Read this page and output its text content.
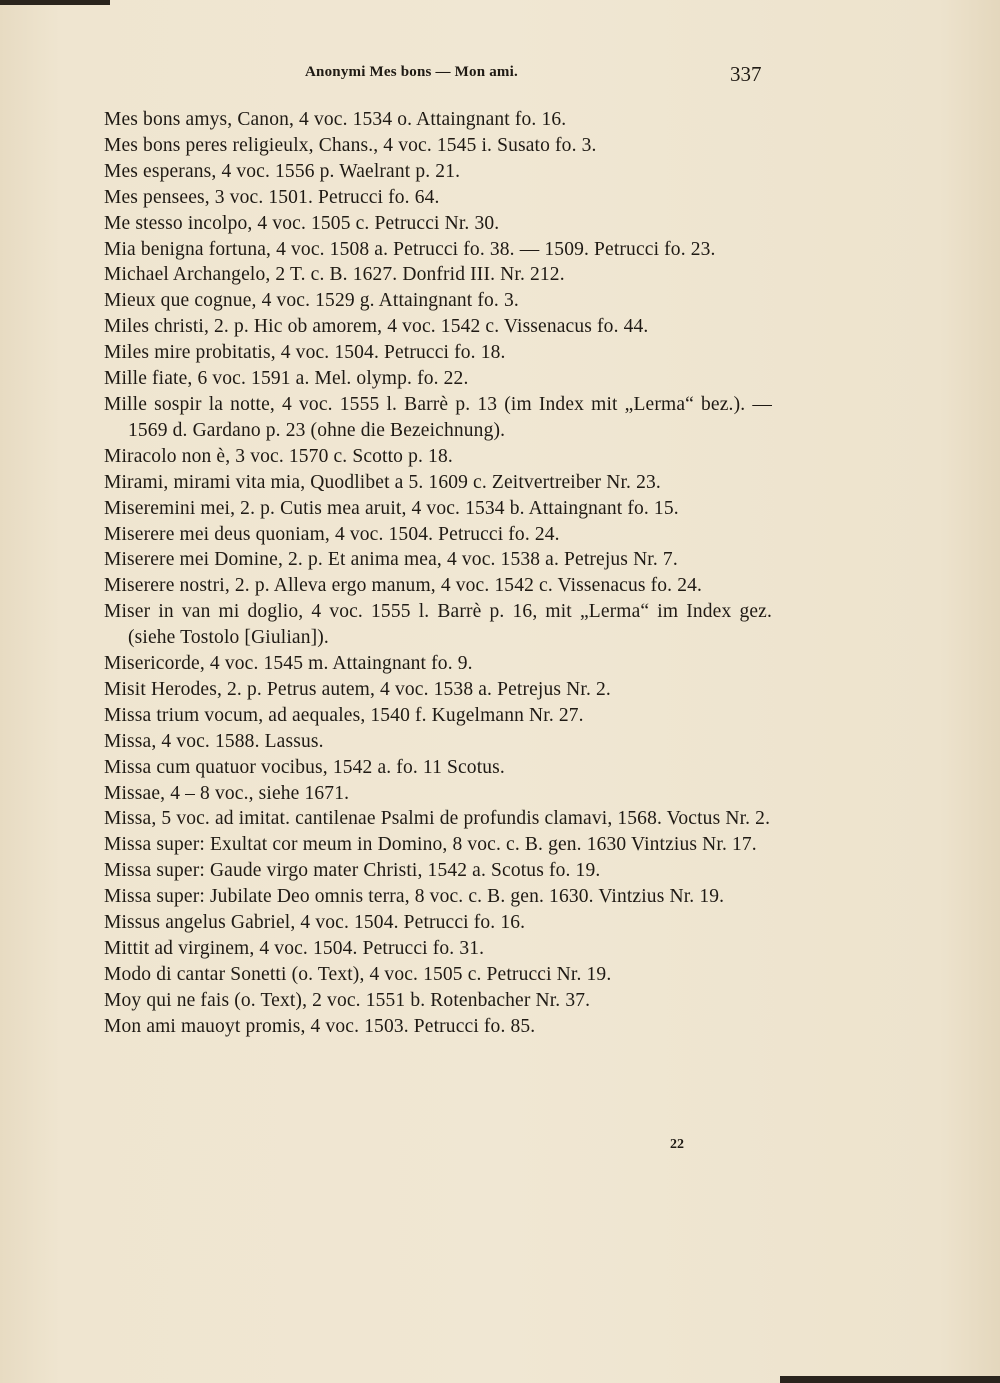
Anonymi Mes bons — Mon ami.	337
Mes bons amys, Canon, 4 voc. 1534 o. Attaingnant fo. 16.
Mes bons peres religieulx, Chans., 4 voc. 1545 i. Susato fo. 3.
Mes esperans, 4 voc. 1556 p. Waelrant p. 21.
Mes pensees, 3 voc. 1501. Petrucci fo. 64.
Me stesso incolpo, 4 voc. 1505 c. Petrucci Nr. 30.
Mia benigna fortuna, 4 voc. 1508 a. Petrucci fo. 38. — 1509. Petrucci fo. 23.
Michael Archangelo, 2 T. c. B. 1627. Donfrid III. Nr. 212.
Mieux que cognue, 4 voc. 1529 g. Attaingnant fo. 3.
Miles christi, 2. p. Hic ob amorem, 4 voc. 1542 c. Vissenacus fo. 44.
Miles mire probitatis, 4 voc. 1504. Petrucci fo. 18.
Mille fiate, 6 voc. 1591 a. Mel. olymp. fo. 22.
Mille sospir la notte, 4 voc. 1555 l. Barrè p. 13 (im Index mit „Lerma“ bez.). — 1569 d. Gardano p. 23 (ohne die Bezeichnung).
Miracolo non è, 3 voc. 1570 c. Scotto p. 18.
Mirami, mirami vita mia, Quodlibet a 5. 1609 c. Zeitvertreiber Nr. 23.
Miseremini mei, 2. p. Cutis mea aruit, 4 voc. 1534 b. Attaingnant fo. 15.
Miserere mei deus quoniam, 4 voc. 1504. Petrucci fo. 24.
Miserere mei Domine, 2. p. Et anima mea, 4 voc. 1538 a. Petrejus Nr. 7.
Miserere nostri, 2. p. Alleva ergo manum, 4 voc. 1542 c. Vissenacus fo. 24.
Miser in van mi doglio, 4 voc. 1555 l. Barrè p. 16, mit „Lerma“ im Index gez. (siehe Tostolo [Giulian]).
Misericorde, 4 voc. 1545 m. Attaingnant fo. 9.
Misit Herodes, 2. p. Petrus autem, 4 voc. 1538 a. Petrejus Nr. 2.
Missa trium vocum, ad aequales, 1540 f. Kugelmann Nr. 27.
Missa, 4 voc. 1588. Lassus.
Missa cum quatuor vocibus, 1542 a. fo. 11 Scotus.
Missae, 4 – 8 voc., siehe 1671.
Missa, 5 voc. ad imitat. cantilenae Psalmi de profundis clamavi, 1568. Voctus Nr. 2.
Missa super: Exultat cor meum in Domino, 8 voc. c. B. gen. 1630 Vintzius Nr. 17.
Missa super: Gaude virgo mater Christi, 1542 a. Scotus fo. 19.
Missa super: Jubilate Deo omnis terra, 8 voc. c. B. gen. 1630. Vintzius Nr. 19.
Missus angelus Gabriel, 4 voc. 1504. Petrucci fo. 16.
Mittit ad virginem, 4 voc. 1504. Petrucci fo. 31.
Modo di cantar Sonetti (o. Text), 4 voc. 1505 c. Petrucci Nr. 19.
Moy qui ne fais (o. Text), 2 voc. 1551 b. Rotenbacher Nr. 37.
Mon ami mauoyt promis, 4 voc. 1503. Petrucci fo. 85.
22
